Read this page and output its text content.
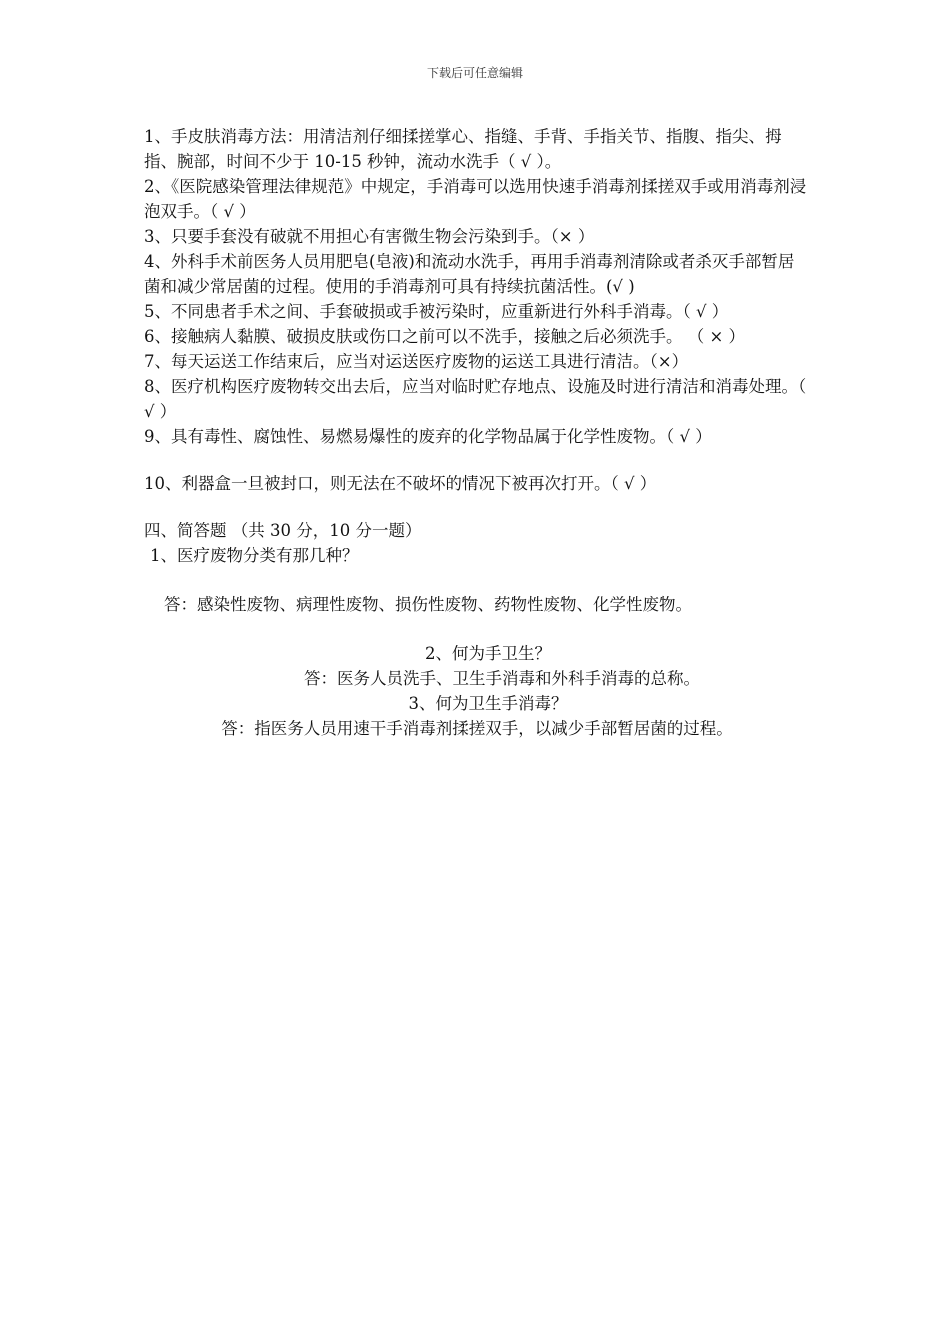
下载后可任意编辑

1、手皮肤消毒方法：用清洁剂仔细揉搓掌心、指缝、手背、手指关节、指腹、指尖、拇指、腕部，时间不少于 10-15 秒钟，流动水洗手（ √ ）。

2、《医院感染管理法律规范》中规定，手消毒可以选用快速手消毒剂揉搓双手或用消毒剂浸泡双手。（ √ ）

3、只要手套没有破就不用担心有害微生物会污染到手。（× ）

4、外科手术前医务人员用肥皂(皂液)和流动水洗手，再用手消毒剂清除或者杀灭手部暂居菌和减少常居菌的过程。使用的手消毒剂可具有持续抗菌活性。(√ )

5、不同患者手术之间、手套破损或手被污染时，应重新进行外科手消毒。（ √ ）

6、接触病人黏膜、破损皮肤或伤口之前可以不洗手，接触之后必须洗手。 （ × ）

7、每天运送工作结束后，应当对运送医疗废物的运送工具进行清洁。（×）

8、医疗机构医疗废物转交出去后，应当对临时贮存地点、设施及时进行清洁和消毒处理。（ √ ）

9、具有毒性、腐蚀性、易燃易爆性的废弃的化学物品属于化学性废物。（ √ ）

10、利器盒一旦被封口，则无法在不破坏的情况下被再次打开。（ √ ）

四、简答题 （共 30 分，10 分一题）
1、医疗废物分类有那几种？
答：感染性废物、病理性废物、损伤性废物、药物性废物、化学性废物。
2、何为手卫生？
答：医务人员洗手、卫生手消毒和外科手消毒的总称。
3、何为卫生手消毒？
答：指医务人员用速干手消毒剂揉搓双手，以减少手部暂居菌的过程。
